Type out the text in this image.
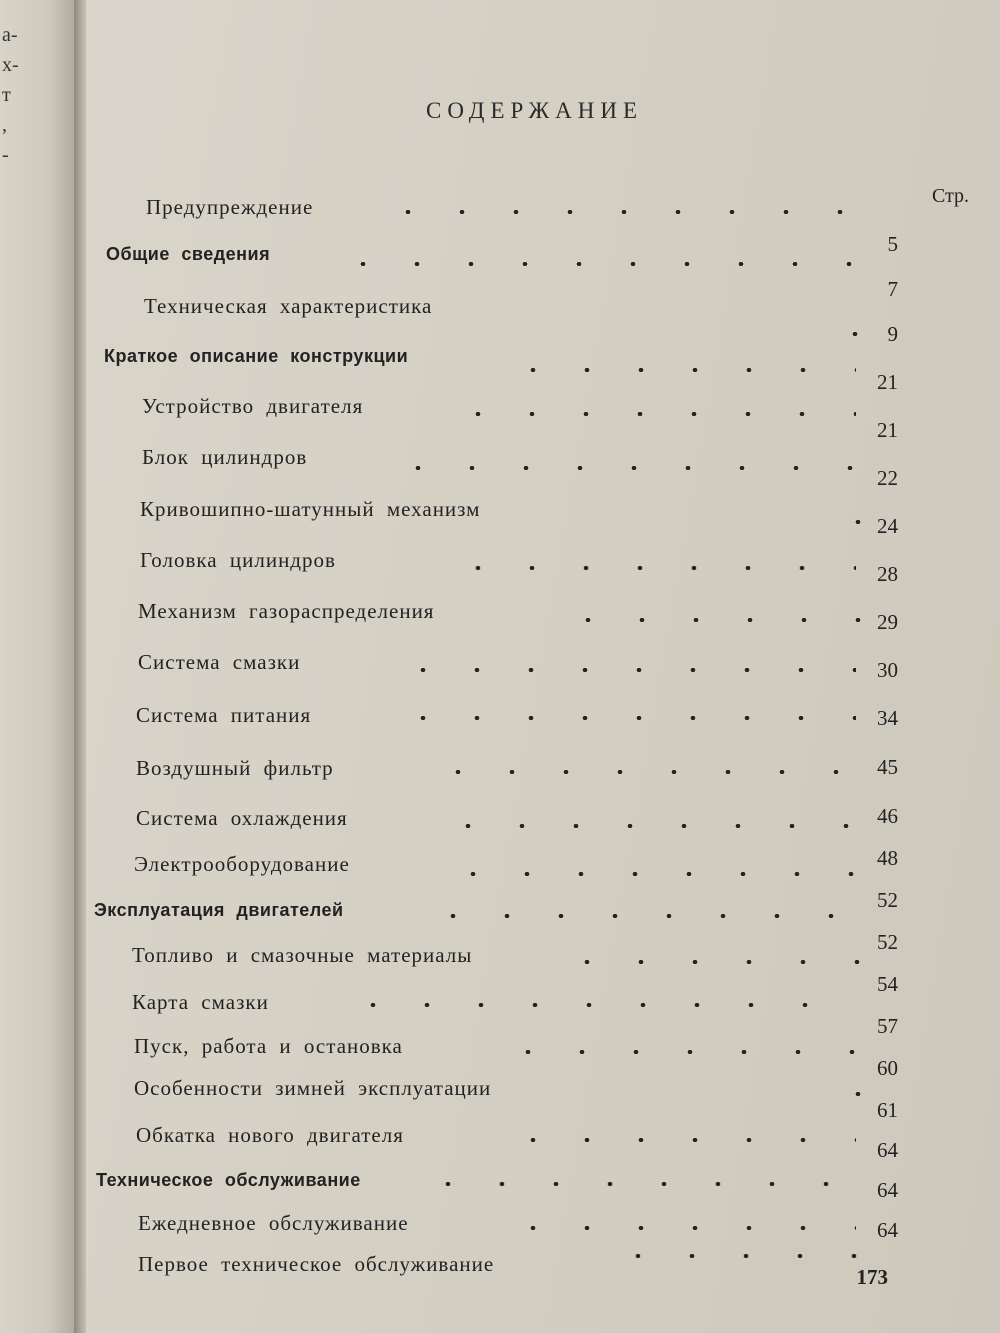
а-
х-
т
,
-
СОДЕРЖАНИЕ
Стр.
Предупреждение
Общие сведения
Техническая характеристика
Краткое описание конструкции
Устройство двигателя
Блок цилиндров
Кривошипно-шатунный механизм
Головка цилиндров
Механизм газораспределения
Система смазки
Система питания
Воздушный фильтр
Система охлаждения
Электрооборудование
Эксплуатация двигателей
Топливо и смазочные материалы
Карта смазки
Пуск, работа и остановка
Особенности зимней эксплуатации
Обкатка нового двигателя
Техническое обслуживание
Ежедневное обслуживание
Первое техническое обслуживание
5
7
9
21
21
22
24
28
29
30
34
45
46
48
52
52
54
57
60
61
64
64
64
173
